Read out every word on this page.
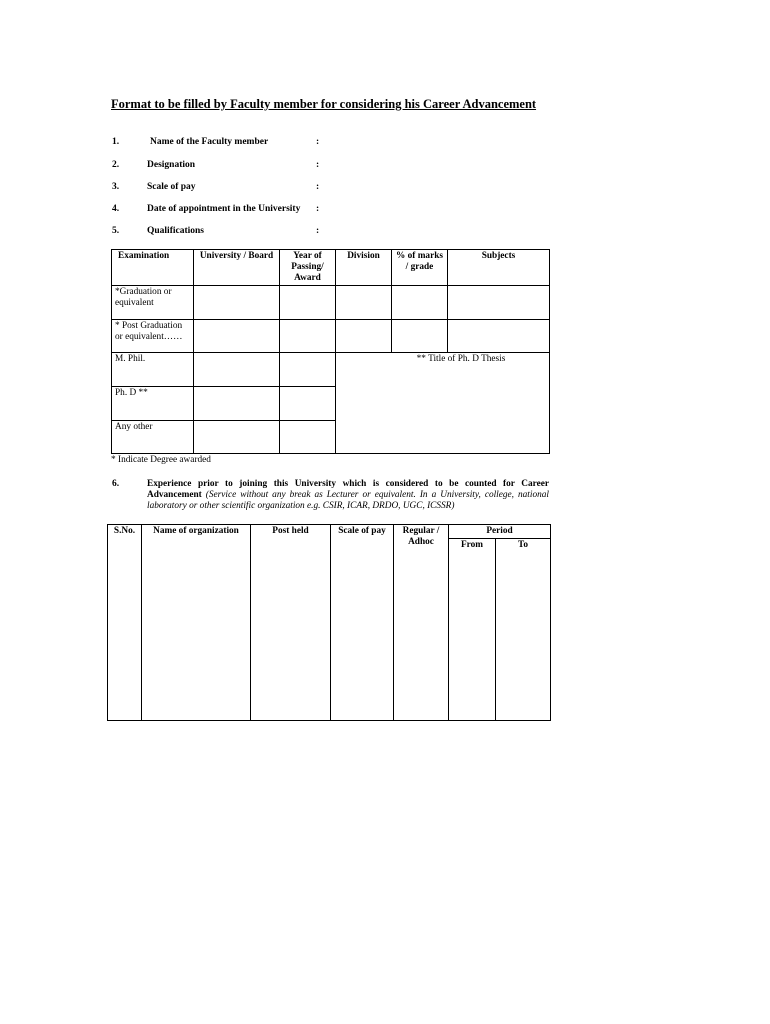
Format to be filled by Faculty member for considering his Career Advancement
1.	Name of the Faculty member	:
2.	Designation	:
3.	Scale of pay	:
4.	Date of appointment in the University :
5.	Qualifications	:
Examination	University / Board	Year of Passing/ Award	Division	% of marks / grade	Subjects
*Graduation or equivalent					
* Post Graduation or equivalent……					
M. Phil.			** Title of Ph. D Thesis		
Ph. D **					
Any other					
* Indicate Degree awarded
6.	Experience prior to joining this University which is considered to be counted for Career Advancement (Service without any break as Lecturer or equivalent. In a University, college, national laboratory or other scientific organization e.g. CSIR, ICAR, DRDO, UGC, ICSSR)
S.No.	Name of organization	Post held	Scale of pay	Regular / Adhoc	Period	
					From	To
